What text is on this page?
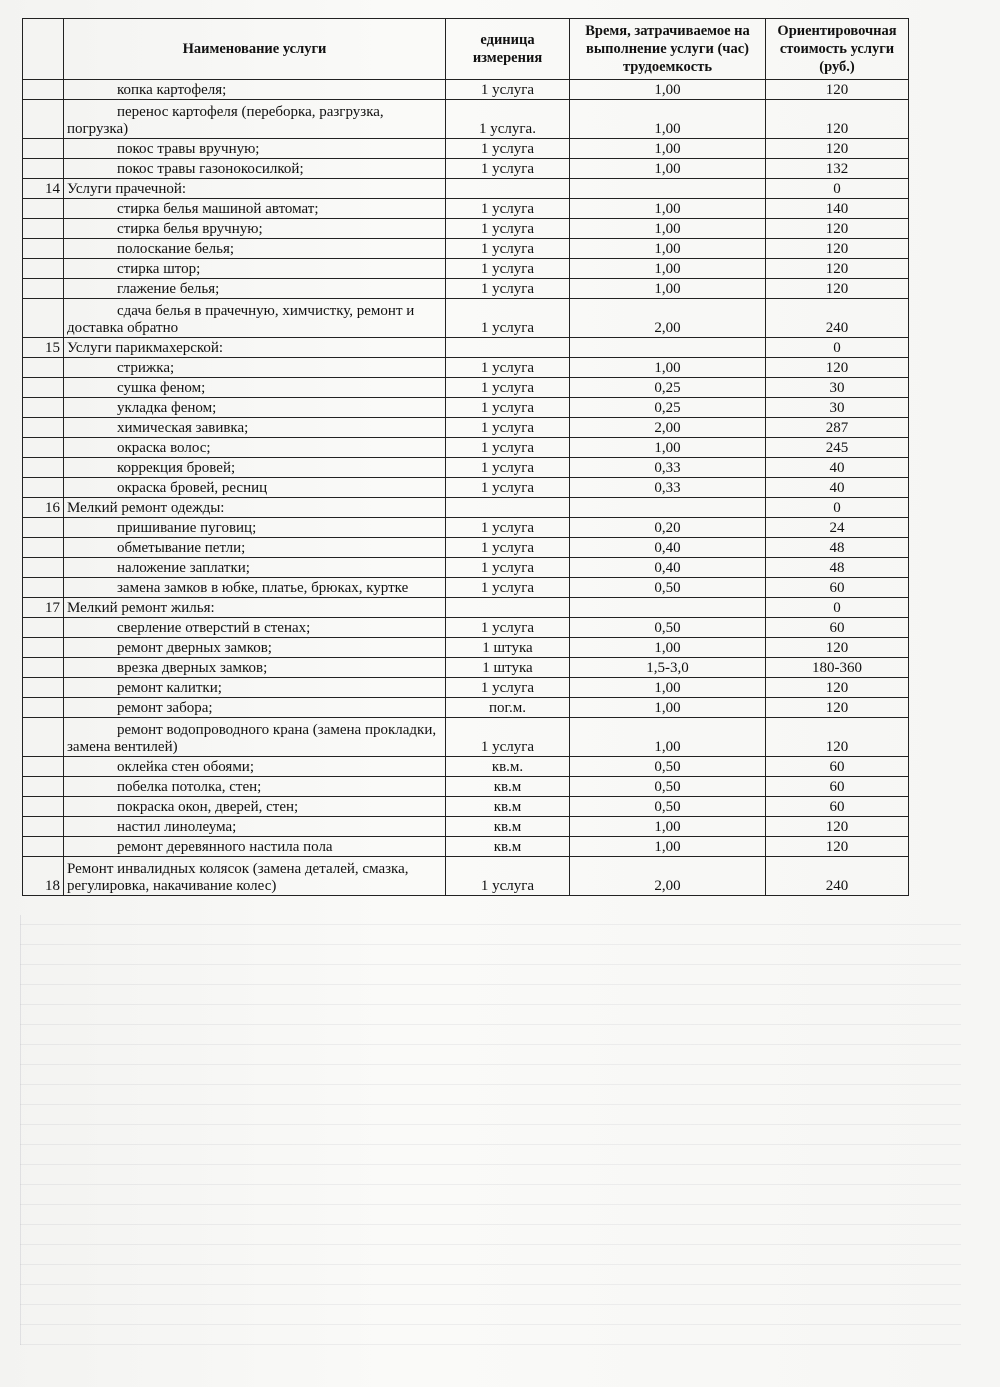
	Наименование услуги	единица измерения	Время, затрачиваемое на выполнение услуги (час) трудоемкость	Ориентировочная стоимость услуги (руб.)
	копка картофеля;	1 услуга	1,00	120
	перенос картофеля (переборка, разгрузка, погрузка)	1 услуга.	1,00	120
	покос травы вручную;	1 услуга	1,00	120
	покос травы газонокосилкой;	1 услуга	1,00	132
14	Услуги прачечной:			0
	стирка белья машиной автомат;	1 услуга	1,00	140
	стирка белья вручную;	1 услуга	1,00	120
	полоскание белья;	1 услуга	1,00	120
	стирка штор;	1 услуга	1,00	120
	глажение белья;	1 услуга	1,00	120
	сдача белья в прачечную, химчистку, ремонт и доставка обратно	1 услуга	2,00	240
15	Услуги парикмахерской:			0
	стрижка;	1 услуга	1,00	120
	сушка феном;	1 услуга	0,25	30
	укладка феном;	1 услуга	0,25	30
	химическая завивка;	1 услуга	2,00	287
	окраска волос;	1 услуга	1,00	245
	коррекция бровей;	1 услуга	0,33	40
	окраска бровей, ресниц	1 услуга	0,33	40
16	Мелкий ремонт одежды:			0
	пришивание пуговиц;	1 услуга	0,20	24
	обметывание петли;	1 услуга	0,40	48
	наложение заплатки;	1 услуга	0,40	48
	замена замков в юбке, платье, брюках, куртке	1 услуга	0,50	60
17	Мелкий ремонт жилья:			0
	сверление отверстий в стенах;	1 услуга	0,50	60
	ремонт дверных замков;	1 штука	1,00	120
	врезка дверных замков;	1 штука	1,5-3,0	180-360
	ремонт калитки;	1 услуга	1,00	120
	ремонт забора;	пог.м.	1,00	120
	ремонт водопроводного крана (замена прокладки, замена вентилей)	1 услуга	1,00	120
	оклейка стен обоями;	кв.м.	0,50	60
	побелка потолка, стен;	кв.м	0,50	60
	покраска окон, дверей, стен;	кв.м	0,50	60
	настил линолеума;	кв.м	1,00	120
	ремонт деревянного настила пола	кв.м	1,00	120
18	Ремонт инвалидных колясок (замена деталей, смазка, регулировка, накачивание колес)	1 услуга	2,00	240
